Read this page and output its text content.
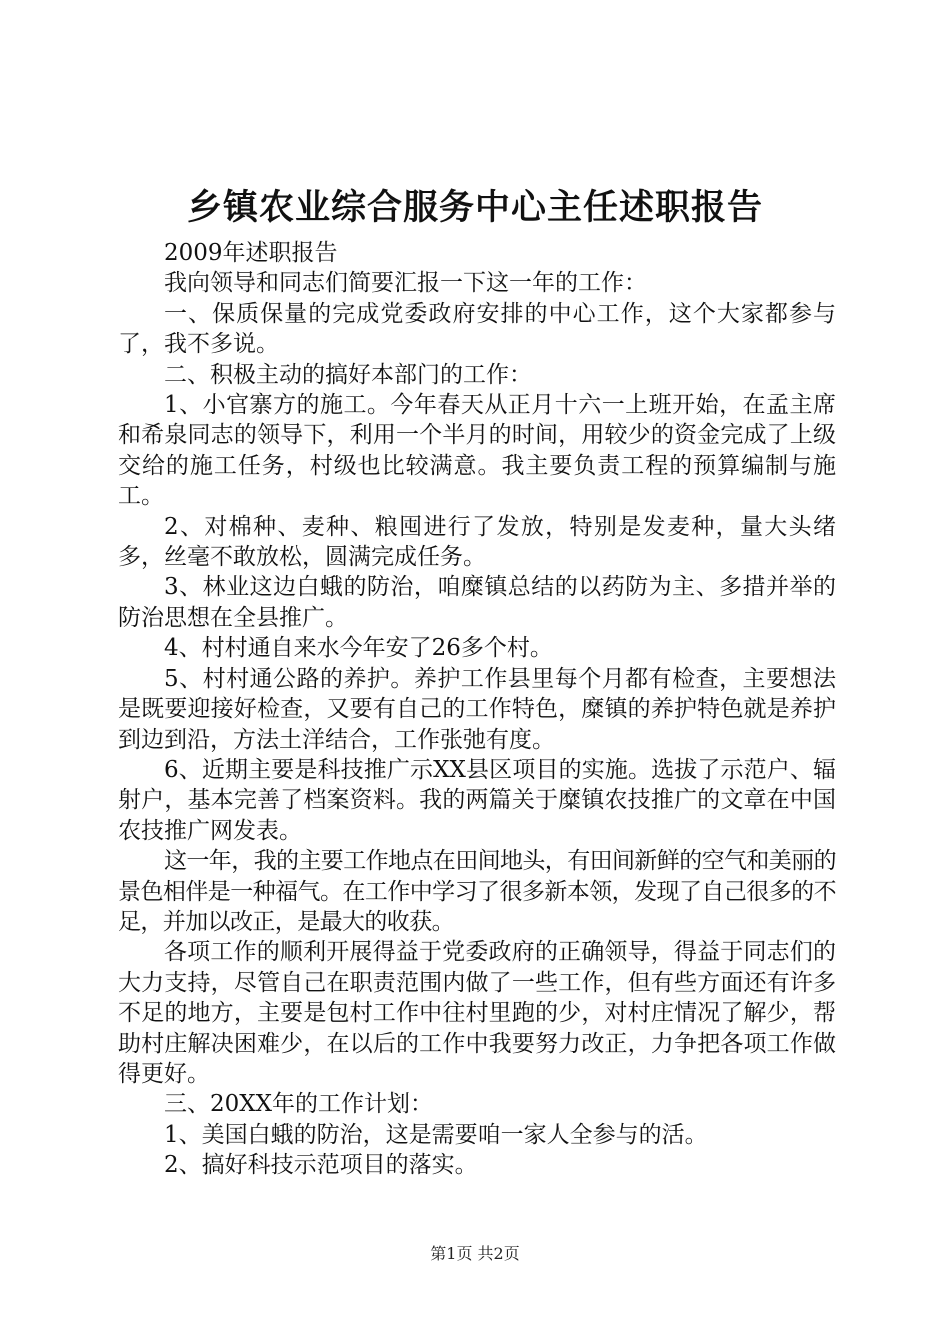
乡镇农业综合服务中心主任述职报告

2009年述职报告

我向领导和同志们简要汇报一下这一年的工作：

一、保质保量的完成党委政府安排的中心工作，这个大家都参与了，我不多说。

二、积极主动的搞好本部门的工作：

1、小官寨方的施工。今年春天从正月十六一上班开始，在孟主席和希泉同志的领导下，利用一个半月的时间，用较少的资金完成了上级交给的施工任务，村级也比较满意。我主要负责工程的预算编制与施工。

2、对棉种、麦种、粮囤进行了发放，特别是发麦种，量大头绪多，丝毫不敢放松，圆满完成任务。

3、林业这边白蛾的防治，咱糜镇总结的以药防为主、多措并举的防治思想在全县推广。

4、村村通自来水今年安了26多个村。

5、村村通公路的养护。养护工作县里每个月都有检查，主要想法是既要迎接好检查，又要有自己的工作特色，糜镇的养护特色就是养护到边到沿，方法土洋结合，工作张弛有度。

6、近期主要是科技推广示XX县区项目的实施。选拔了示范户、辐射户，基本完善了档案资料。我的两篇关于糜镇农技推广的文章在中国农技推广网发表。

这一年，我的主要工作地点在田间地头，有田间新鲜的空气和美丽的景色相伴是一种福气。在工作中学习了很多新本领，发现了自己很多的不足，并加以改正，是最大的收获。

各项工作的顺利开展得益于党委政府的正确领导，得益于同志们的大力支持，尽管自己在职责范围内做了一些工作，但有些方面还有许多不足的地方，主要是包村工作中往村里跑的少，对村庄情况了解少，帮助村庄解决困难少，在以后的工作中我要努力改正，力争把各项工作做得更好。

三、20XX年的工作计划：

1、美国白蛾的防治，这是需要咱一家人全参与的活。

2、搞好科技示范项目的落实。

第1页 共2页
